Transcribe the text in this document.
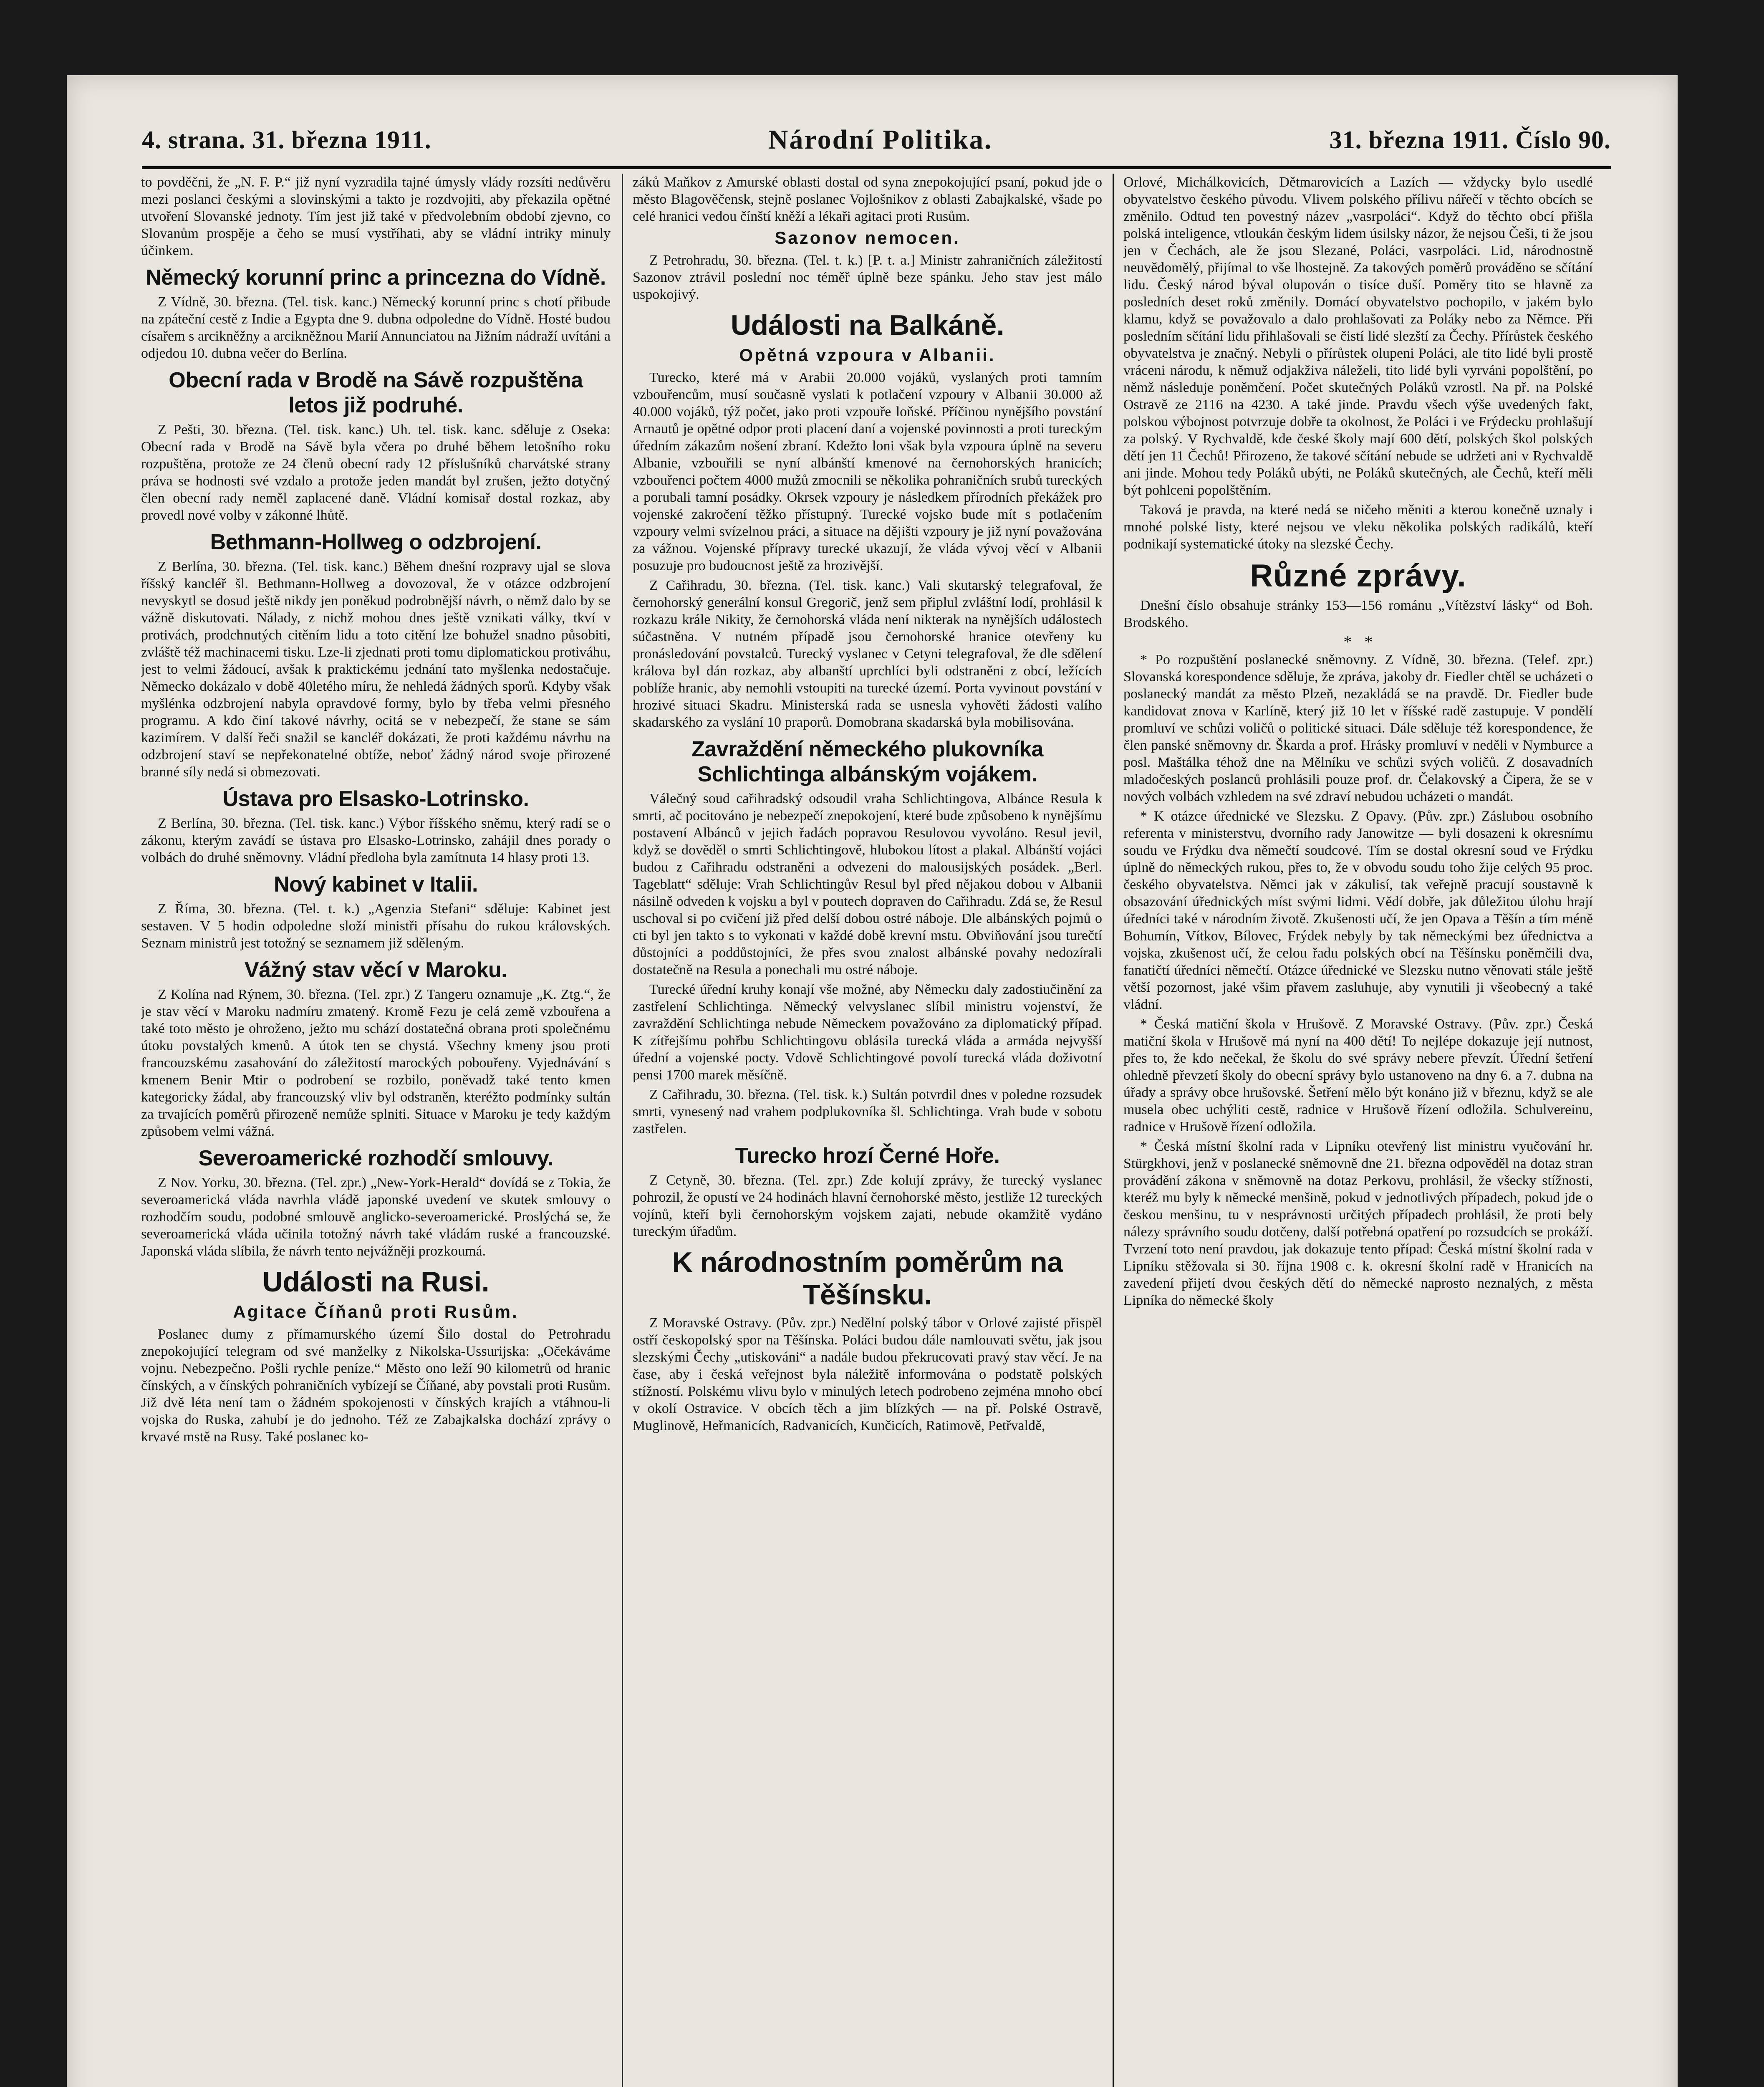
4. strana. 31. března 1911.	Národní Politika.	31. března 1911. Číslo 90.

to povděčni, že „N. F. P.“ již nyní vyzradila tajné úmysly vlády rozsíti nedůvěru mezi poslanci českými a slovinskými a takto je rozdvojiti, aby překazila opětné utvoření Slovanské jednoty. Tím jest již také v předvolebním období zjevno, co Slovanům prospěje a čeho se musí vystříhati, aby se vládní intriky minuly účinkem.

Německý korunní princ a princezna do Vídně.

Z Vídně, 30. března. (Tel. tisk. kanc.) Německý korunní princ s chotí přibude na zpáteční cestě z Indie a Egypta dne 9. dubna odpoledne do Vídně. Hosté budou císařem s arcikněžny a arcikněžnou Marií Annunciatou na Jižním nádraží uvítáni a odjedou 10. dubna večer do Berlína.

Obecní rada v Brodě na Sávě rozpuštěna letos již podruhé.

Z Pešti, 30. března. (Tel. tisk. kanc.) Uh. tel. tisk. kanc. sděluje z Oseka: Obecní rada v Brodě na Sávě byla včera po druhé během letošního roku rozpuštěna, protože ze 24 členů obecní rady 12 příslušníků charvátské strany práva se hodnosti své vzdalo a protože jeden mandát byl zrušen, ježto dotyčný člen obecní rady neměl zaplacené daně. Vládní komisař dostal rozkaz, aby provedl nové volby v zákonné lhůtě.

Bethmann-Hollweg o odzbrojení.

Z Berlína, 30. března. (Tel. tisk. kanc.) Během dnešní rozpravy ujal se slova říšský kancléř šl. Bethmann-Hollweg a dovozoval, že v otázce odzbrojení nevyskytl se dosud ještě nikdy jen poněkud podrobnější návrh, o němž dalo by se vážně diskutovati. Nálady, z nichž mohou dnes ještě vznikati války, tkví v protivách, prodchnutých citěním lidu a toto citění lze bohužel snadno působiti, zvláště též machinacemi tisku. Lze-li zjednati proti tomu diplomatickou protiváhu, jest to velmi žádoucí, avšak k praktickému jednání tato myšlenka nedostačuje. Německo dokázalo v době 40letého míru, že nehledá žádných sporů. Kdyby však myšlénka odzbrojení nabyla opravdové formy, bylo by třeba velmi přesného programu. A kdo činí takové návrhy, ocitá se v nebezpečí, že stane se sám kazimírem. V další řeči snažil se kancléř dokázati, že proti každému návrhu na odzbrojení staví se nepřekonatelné obtíže, neboť žádný národ svoje přirozené branné síly nedá si obmezovati.

Ústava pro Elsasko-Lotrinsko.

Z Berlína, 30. března. (Tel. tisk. kanc.) Výbor říšského sněmu, který radí se o zákonu, kterým zavádí se ústava pro Elsasko-Lotrinsko, zahájil dnes porady o volbách do druhé sněmovny. Vládní předloha byla zamítnuta 14 hlasy proti 13.

Nový kabinet v Italii.

Z Říma, 30. března. (Tel. t. k.) „Agenzia Stefani“ sděluje: Kabinet jest sestaven. V 5 hodin odpoledne složí ministři přísahu do rukou královských. Seznam ministrů jest totožný se seznamem již sděleným.

Vážný stav věcí v Maroku.

Z Kolína nad Rýnem, 30. března. (Tel. zpr.) Z Tangeru oznamuje „K. Ztg.“, že je stav věcí v Maroku nadmíru zmatený. Kromě Fezu je celá země vzbouřena a také toto město je ohroženo, ježto mu schází dostatečná obrana proti společnému útoku povstalých kmenů. A útok ten se chystá. Všechny kmeny jsou proti francouzskému zasahování do záležitostí marockých pobouřeny. Vyjednávání s kmenem Benir Mtir o podrobení se rozbilo, poněvadž také tento kmen kategoricky žádal, aby francouzský vliv byl odstraněn, kteréžto podmínky sultán za trvajících poměrů přirozeně nemůže splniti. Situace v Maroku je tedy každým způsobem velmi vážná.

Severoamerické rozhodčí smlouvy.

Z Nov. Yorku, 30. března. (Tel. zpr.) „New-York-Herald“ dovídá se z Tokia, že severoamerická vláda navrhla vládě japonské uvedení ve skutek smlouvy o rozhodčím soudu, podobné smlouvě anglicko-severoamerické. Proslýchá se, že severoamerická vláda učinila totožný návrh také vládám ruské a francouzské. Japonská vláda slíbila, že návrh tento nejvážněji prozkoumá.

Události na Rusi.
Agitace Číňanů proti Rusům.

Poslanec dumy z přímamurského území Šilo dostal do Petrohradu znepokojující telegram od své manželky z Nikolska-Ussurijska: „Očekáváme vojnu. Nebezpečno. Pošli rychle peníze.“ Město ono leží 90 kilometrů od hranic čínských, a v čínských pohraničních vybízejí se Číňané, aby povstali proti Rusům. Již dvě léta není tam o žádném spokojenosti v čínských krajích a vtáhnou-li vojska do Ruska, zahubí je do jednoho. Též ze Zabajkalska dochází zprávy o krvavé mstě na Rusy. Také poslanec ko-

záků Maňkov z Amurské oblasti dostal od syna znepokojující psaní, pokud jde o město Blagověčensk, stejně poslanec Vojlošnikov z oblasti Zabajkalské, všade po celé hranici vedou čínští kněží a lékaři agitaci proti Rusům.

Sazonov nemocen.

Z Petrohradu, 30. března. (Tel. t. k.) [P. t. a.] Ministr zahraničních záležitostí Sazonov ztrávil poslední noc téměř úplně beze spánku. Jeho stav jest málo uspokojivý.

Události na Balkáně.
Opětná vzpoura v Albanii.

Turecko, které má v Arabii 20.000 vojáků, vyslaných proti tamním vzbouřencům, musí současně vyslati k potlačení vzpoury v Albanii 30.000 až 40.000 vojáků, týž počet, jako proti vzpouře loňské. Příčinou nynějšího povstání Arnautů je opětné odpor proti placení daní a vojenské povinnosti a proti tureckým úředním zákazům nošení zbraní. Kdežto loni však byla vzpoura úplně na severu Albanie, vzbouřili se nyní albánští kmenové na černohorských hranicích; vzbouřenci počtem 4000 mužů zmocnili se několika pohraničních srubů tureckých a porubali tamní posádky. Okrsek vzpoury je následkem přírodních překážek pro vojenské zakročení těžko přístupný. Turecké vojsko bude mít s potlačením vzpoury velmi svízelnou práci, a situace na dějišti vzpoury je již nyní považována za vážnou. Vojenské přípravy turecké ukazují, že vláda vývoj věcí v Albanii posuzuje pro budoucnost ještě za hrozivější.

Z Cařihradu, 30. března. (Tel. tisk. kanc.) Vali skutarský telegrafoval, že černohorský generální konsul Gregorič, jenž sem připlul zvláštní lodí, prohlásil k rozkazu krále Nikity, že černohorská vláda není nikterak na nynějších událostech súčastněna. V nutném případě jsou černohorské hranice otevřeny ku pronásledování povstalců. Turecký vyslanec v Cetyni telegrafoval, že dle sdělení králova byl dán rozkaz, aby albanští uprchlíci byli odstraněni z obcí, ležících poblíže hranic, aby nemohli vstoupiti na turecké území. Porta vyvinout povstání v hrozivé situaci Skadru. Ministerská rada se usnesla vyhověti žádosti valího skadarského za vyslání 10 praporů. Domobrana skadarská byla mobilisována.

Zavraždění německého plukovníka Schlichtinga albánským vojákem.

Válečný soud cařihradský odsoudil vraha Schlichtingova, Albánce Resula k smrti, ač pocitováno je nebezpečí znepokojení, které bude způsobeno k nynějšímu postavení Albánců v jejich řadách popravou Resulovou vyvoláno. Resul jevil, když se dověděl o smrti Schlichtingově, hlubokou lítost a plakal. Albánští vojáci budou z Cařihradu odstraněni a odvezeni do malousijských posádek. „Berl. Tageblatt“ sděluje: Vrah Schlichtingův Resul byl před nějakou dobou v Albanii násilně odveden k vojsku a byl v poutech dopraven do Cařihradu. Zdá se, že Resul uschoval si po cvičení již před delší dobou ostré náboje. Dle albánských pojmů o cti byl jen takto s to vykonati v každé době krevní mstu. Obviňování jsou turečtí důstojníci a poddůstojníci, že přes svou znalost albánské povahy nedozírali dostatečně na Resula a ponechali mu ostré náboje.

Turecké úřední kruhy konají vše možné, aby Německu daly zadostiučinění za zastřelení Schlichtinga. Německý velvyslanec slíbil ministru vojenství, že zavraždění Schlichtinga nebude Německem považováno za diplomatický případ. K zítřejšímu pohřbu Schlichtingovu oblásila turecká vláda a armáda nejvyšší úřední a vojenské pocty. Vdově Schlichtingové povolí turecká vláda doživotní pensi 1700 marek měsíčně.

Z Cařihradu, 30. března. (Tel. tisk. k.) Sultán potvrdil dnes v poledne rozsudek smrti, vynesený nad vrahem podplukovníka šl. Schlichtinga. Vrah bude v sobotu zastřelen.

Turecko hrozí Černé Hoře.

Z Cetyně, 30. března. (Tel. zpr.) Zde kolují zprávy, že turecký vyslanec pohrozil, že opustí ve 24 hodinách hlavní černohorské město, jestliže 12 tureckých vojínů, kteří byli černohorským vojskem zajati, nebude okamžitě vydáno tureckým úřadům.

K národnostním poměrům na Těšínsku.

Z Moravské Ostravy. (Pův. zpr.) Nedělní polský tábor v Orlové zajisté přispěl ostří českopolský spor na Těšínska. Poláci budou dále namlouvati světu, jak jsou slezskými Čechy „utiskováni“ a nadále budou překrucovati pravý stav věcí. Je na čase, aby i česká veřejnost byla náležitě informována o podstatě polských stížností. Polskému vlivu bylo v minulých letech podrobeno zejména mnoho obcí v okolí Ostravice. V obcích těch a jim blízkých — na př. Polské Ostravě, Muglinově, Heřmanicích, Radvanicích, Kunčicích, Ratimově, Petřvaldě,

Orlové, Michálkovicích, Dětmarovicích a Lazích — vždycky bylo usedlé obyvatelstvo českého původu. Vlivem polského přílivu nářečí v těchto obcích se změnilo. Odtud ten povestný název „vasrpoláci“. Když do těchto obcí přišla polská inteligence, vtloukán českým lidem úsilsky názor, že nejsou Češi, ti že jsou jen v Čechách, ale že jsou Slezané, Poláci, vasrpoláci. Lid, národnostně neuvědomělý, přijímal to vše lhostejně. Za takových poměrů prováděno se sčítání lidu. Český národ býval olupován o tisíce duší. Poměry tito se hlavně za posledních deset roků změnily. Domácí obyvatelstvo pochopilo, v jakém bylo klamu, když se považovalo a dalo prohlašovati za Poláky nebo za Němce. Při posledním sčítání lidu přihlašovali se čistí lidé slezští za Čechy. Přírůstek českého obyvatelstva je značný. Nebyli o přírůstek olupeni Poláci, ale tito lidé byli prostě vráceni národu, k němuž odjakživa náleželi, tito lidé byli vyrváni popolštění, po němž následuje poněmčení. Počet skutečných Poláků vzrostl. Na př. na Polské Ostravě ze 2116 na 4230. A také jinde. Pravdu všech výše uvedených fakt, polskou výbojnost potvrzuje dobře ta okolnost, že Poláci i ve Frýdecku prohlašují za polský. V Rychvaldě, kde české školy mají 600 dětí, polských škol polských dětí jen 11 Čechů! Přirozeno, že takové sčítání nebude se udržeti ani v Rychvaldě ani jinde. Mohou tedy Poláků ubýti, ne Poláků skutečných, ale Čechů, kteří měli být pohlceni popolštěním.

Taková je pravda, na které nedá se ničeho měniti a kterou konečně uznaly i mnohé polské listy, které nejsou ve vleku několika polských radikálů, kteří podnikají systematické útoky na slezské Čechy.

Různé zprávy.

Dnešní číslo obsahuje stránky 153—156 románu „Vítězství lásky“ od Boh. Brodského.

*   *

* Po rozpuštění poslanecké sněmovny. Z Vídně, 30. března. (Telef. zpr.) Slovanská korespondence sděluje, že zpráva, jakoby dr. Fiedler chtěl se ucházeti o poslanecký mandát za město Plzeň, nezakládá se na pravdě. Dr. Fiedler bude kandidovat znova v Karlíně, který již 10 let v říšské radě zastupuje. V pondělí promluví ve schůzi voličů o politické situaci. Dále sděluje též korespondence, že člen panské sněmovny dr. Škarda a prof. Hrásky promluví v neděli v Nymburce a posl. Maštálka téhož dne na Mělníku ve schůzi svých voličů. Z dosavadních mladočeských poslanců prohlásili pouze prof. dr. Čelakovský a Čipera, že se v nových volbách vzhledem na své zdraví nebudou ucházeti o mandát.

* K otázce úřednické ve Slezsku. Z Opavy. (Pův. zpr.) Záslubou osobního referenta v ministerstvu, dvorního rady Janowitze — byli dosazeni k okresnímu soudu ve Frýdku dva němečtí soudcové. Tím se dostal okresní soud ve Frýdku úplně do německých rukou, přes to, že v obvodu soudu toho žije celých 95 proc. českého obyvatelstva. Němci jak v zákulisí, tak veřejně pracují soustavně k obsazování úřednických míst svými lidmi. Vědí dobře, jak důležitou úlohu hrají úředníci také v národním životě. Zkušenosti učí, že jen Opava a Těšín a tím méně Bohumín, Vítkov, Bílovec, Frýdek nebyly by tak německými bez úřednictva a vojska, zkušenost učí, že celou řadu polských obcí na Těšínsku poněmčili dva, fanatičtí úředníci němečtí. Otázce úřednické ve Slezsku nutno věnovati stále ještě větší pozornost, jaké všim přavem zasluhuje, aby vynutili ji všeobecný a také vládní.

* Česká matiční škola v Hrušově. Z Moravské Ostravy. (Pův. zpr.) Česká matiční škola v Hrušově má nyní na 400 dětí! To nejlépe dokazuje její nutnost, přes to, že kdo nečekal, že školu do své správy nebere převzít. Úřední šetření ohledně převzetí školy do obecní správy bylo ustanoveno na dny 6. a 7. dubna na úřady a správy obce hrušovské. Šetření mělo být konáno již v březnu, když se ale musela obec uchýliti cestě, radnice v Hrušově řízení odložila. Schulvereinu, radnice v Hrušově řízení odložila.

* Česká místní školní rada v Lipníku otevřený list ministru vyučování hr. Stürgkhovi, jenž v poslanecké sněmovně dne 21. března odpověděl na dotaz stran provádění zákona v sněmovně na dotaz Perkovu, prohlásil, že všecky stížnosti, kteréž mu byly k německé menšině, pokud v jednotlivých případech, pokud jde o českou menšinu, tu v nesprávnosti určitých případech prohlásil, že proti bely nálezy správního soudu dotčeny, další potřebná opatření po rozsudcích se prokáží. Tvrzení toto není pravdou, jak dokazuje tento případ: Česká místní školní rada v Lipníku stěžovala si 30. října 1908 c. k. okresní školní radě v Hranicích na zavedení přijetí dvou českých dětí do německé naprosto neznalých, z města Lipníka do německé školy
